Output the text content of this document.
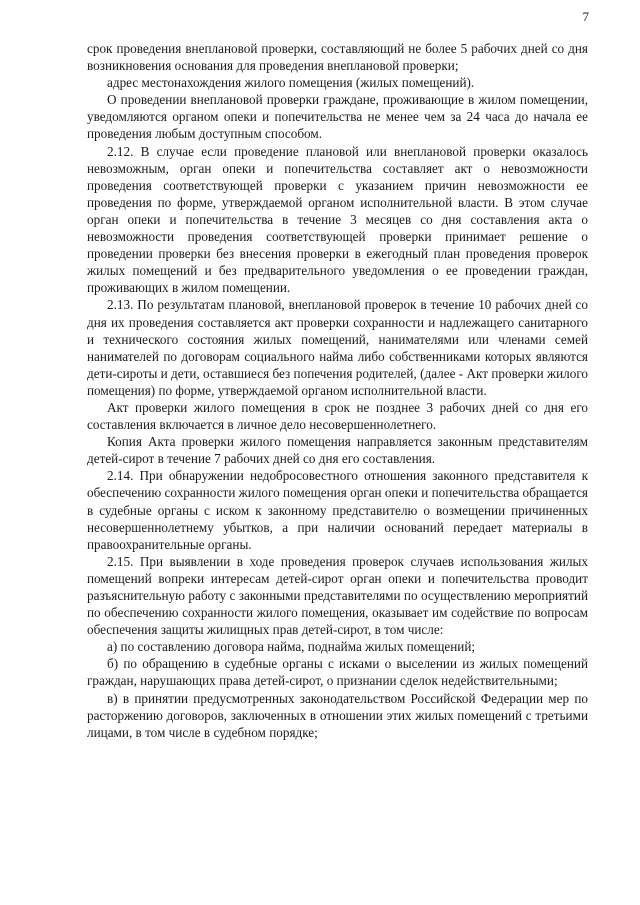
7

срок проведения внеплановой проверки, составляющий не более 5 рабочих дней со дня возникновения основания для проведения внеплановой проверки;

адрес местонахождения жилого помещения (жилых помещений).

О проведении внеплановой проверки граждане, проживающие в жилом помещении, уведомляются органом опеки и попечительства не менее чем за 24 часа до начала ее проведения любым доступным способом.

2.12. В случае если проведение плановой или внеплановой проверки оказалось невозможным, орган опеки и попечительства составляет акт о невозможности проведения соответствующей проверки с указанием причин невозможности ее проведения по форме, утверждаемой органом исполнительной власти. В этом случае орган опеки и попечительства в течение 3 месяцев со дня составления акта о невозможности проведения соответствующей проверки принимает решение о проведении проверки без внесения проверки в ежегодный план проведения проверок жилых помещений и без предварительного уведомления о ее проведении граждан, проживающих в жилом помещении.

2.13. По результатам плановой, внеплановой проверок в течение 10 рабочих дней со дня их проведения составляется акт проверки сохранности и надлежащего санитарного и технического состояния жилых помещений, нанимателями или членами семей нанимателей по договорам социального найма либо собственниками которых являются дети-сироты и дети, оставшиеся без попечения родителей, (далее - Акт проверки жилого помещения) по форме, утверждаемой органом исполнительной власти.

Акт проверки жилого помещения в срок не позднее 3 рабочих дней со дня его составления включается в личное дело несовершеннолетнего.

Копия Акта проверки жилого помещения направляется законным представителям детей-сирот в течение 7 рабочих дней со дня его составления.

2.14. При обнаружении недобросовестного отношения законного представителя к обеспечению сохранности жилого помещения орган опеки и попечительства обращается в судебные органы с иском к законному представителю о возмещении причиненных несовершеннолетнему убытков, а при наличии оснований передает материалы в правоохранительные органы.

2.15. При выявлении в ходе проведения проверок случаев использования жилых помещений вопреки интересам детей-сирот орган опеки и попечительства проводит разъяснительную работу с законными представителями по осуществлению мероприятий по обеспечению сохранности жилого помещения, оказывает им содействие по вопросам обеспечения защиты жилищных прав детей-сирот, в том числе:

а) по составлению договора найма, поднайма жилых помещений;

б) по обращению в судебные органы с исками о выселении из жилых помещений граждан, нарушающих права детей-сирот, о признании сделок недействительными;

в) в принятии предусмотренных законодательством Российской Федерации мер по расторжению договоров, заключенных в отношении этих жилых помещений с третьими лицами, в том числе в судебном порядке;
